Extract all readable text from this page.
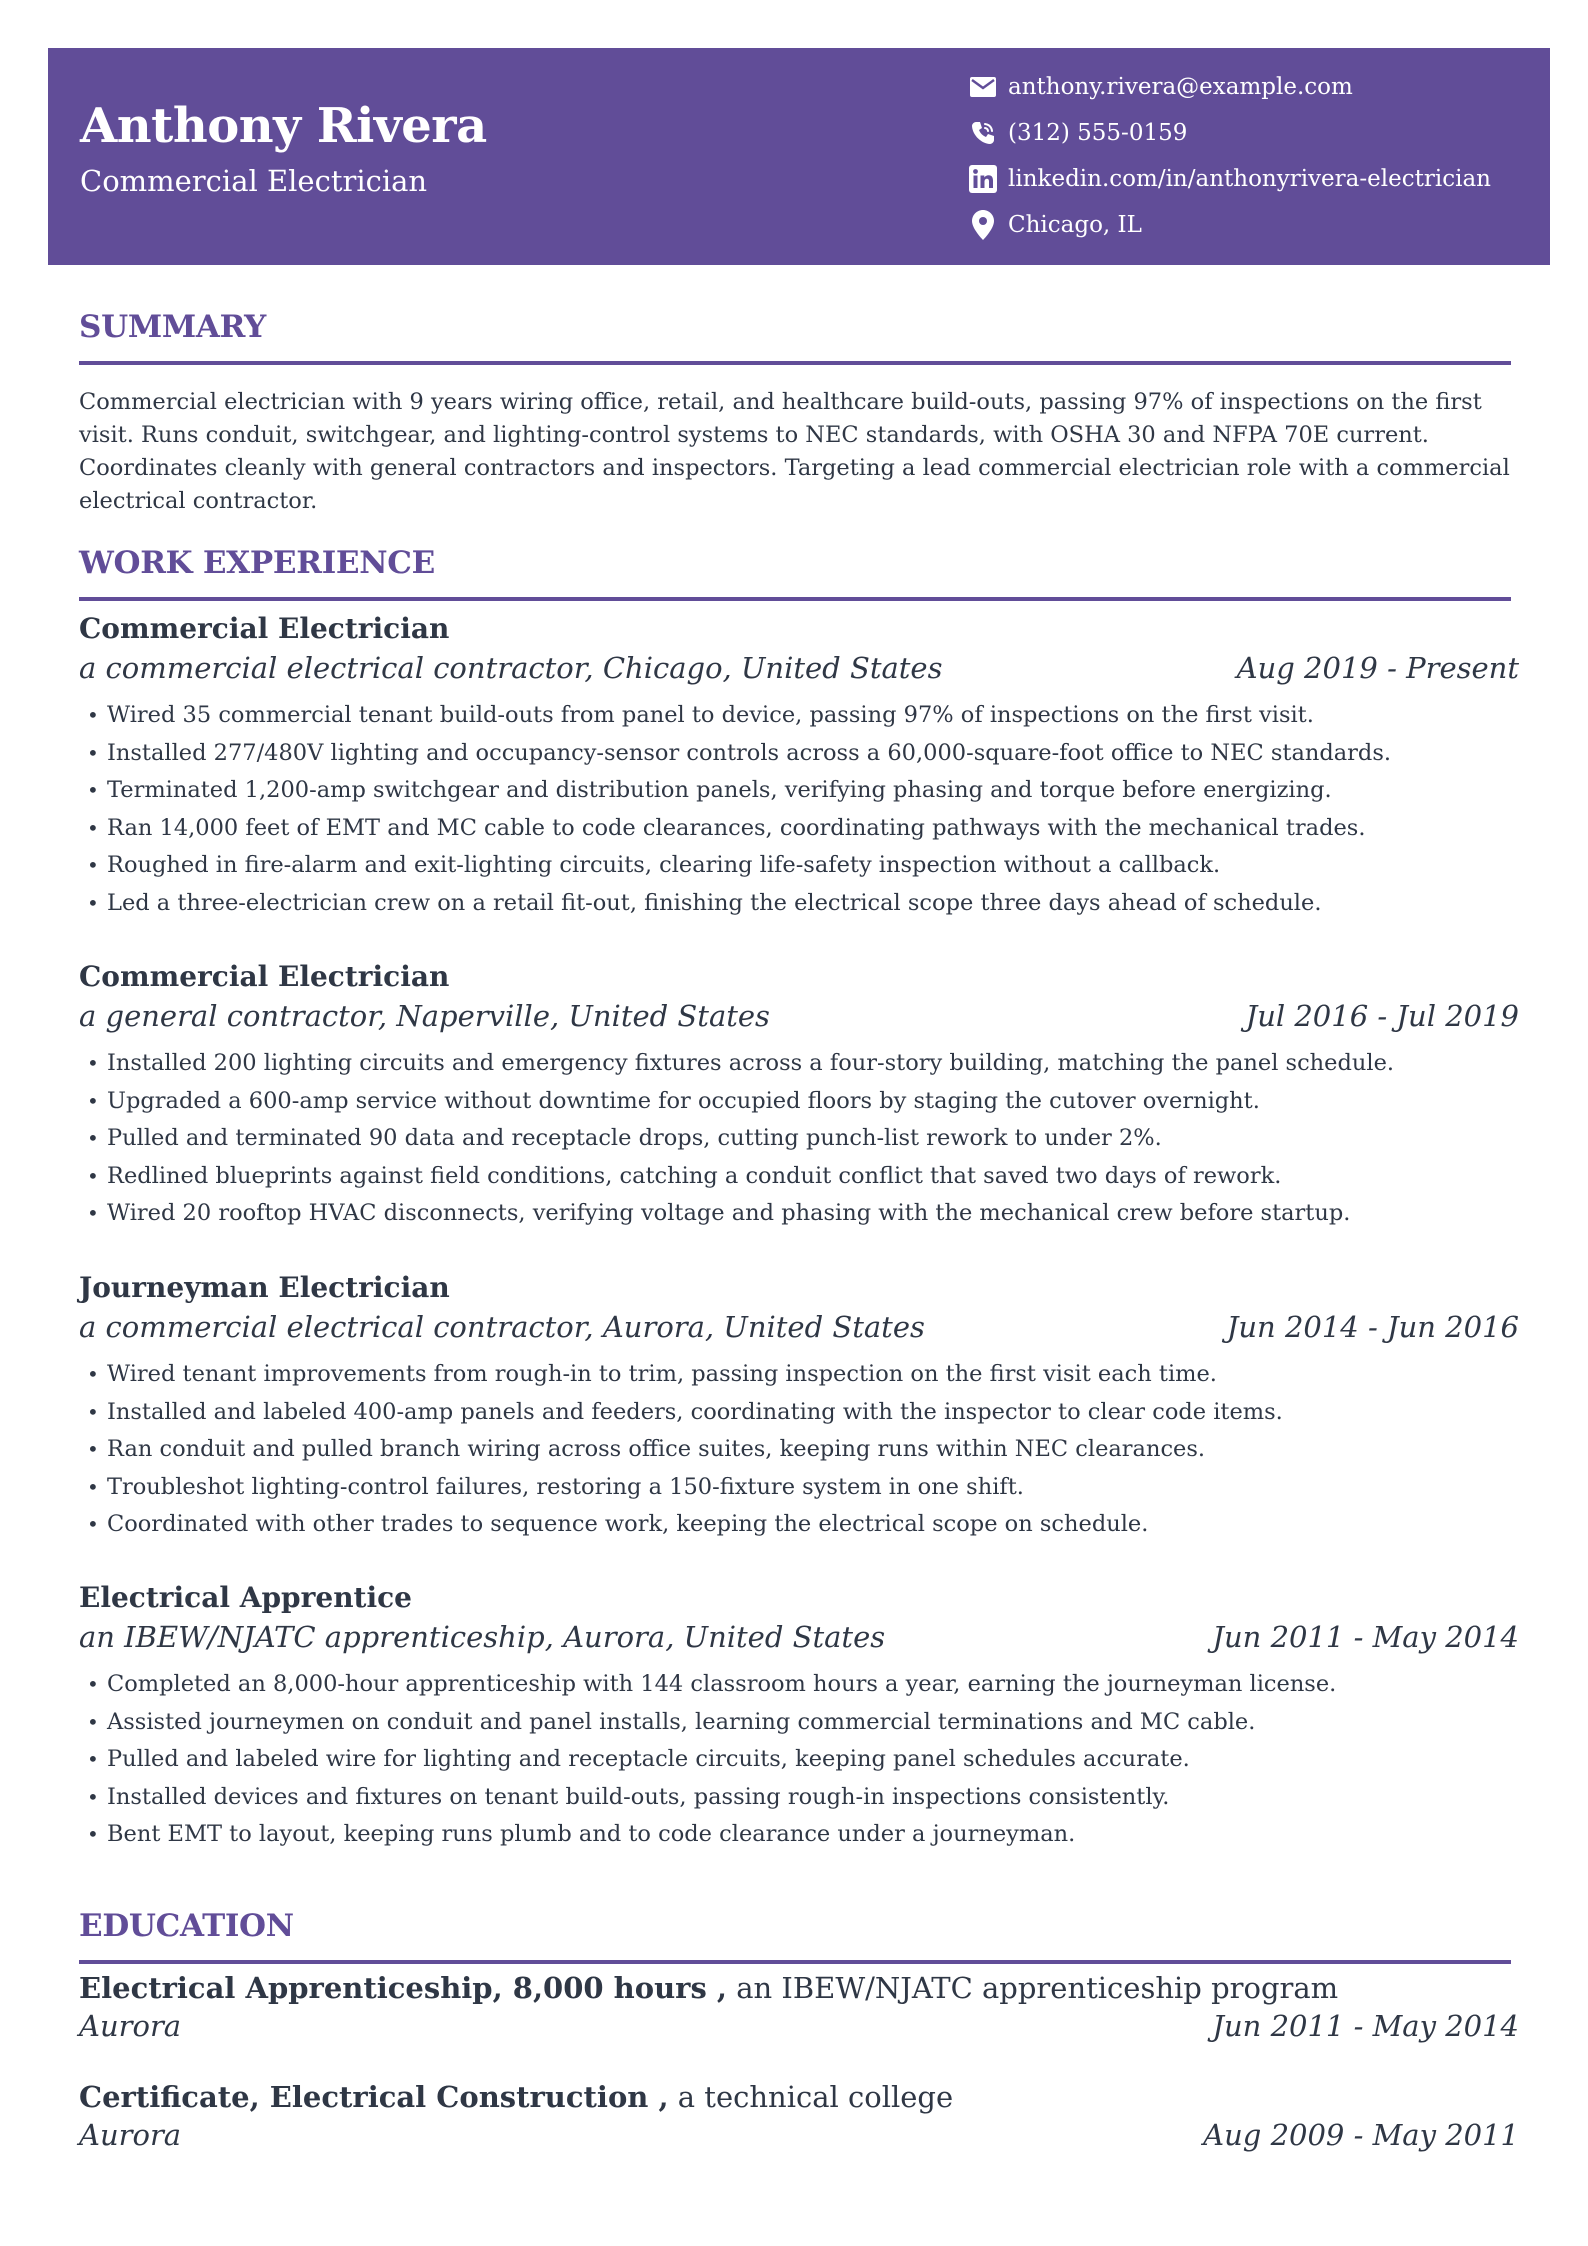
Anthony Rivera
Commercial Electrician
anthony.rivera@example.com
(312) 555-0159
linkedin.com/in/anthonyrivera-electrician
Chicago, IL
SUMMARY
Commercial electrician with 9 years wiring office, retail, and healthcare build-outs, passing 97% of inspections on the first visit. Runs conduit, switchgear, and lighting-control systems to NEC standards, with OSHA 30 and NFPA 70E current. Coordinates cleanly with general contractors and inspectors. Targeting a lead commercial electrician role with a commercial electrical contractor.
WORK EXPERIENCE
Commercial Electrician
a commercial electrical contractor, Chicago, United States	Aug 2019 - Present
• Wired 35 commercial tenant build-outs from panel to device, passing 97% of inspections on the first visit.
• Installed 277/480V lighting and occupancy-sensor controls across a 60,000-square-foot office to NEC standards.
• Terminated 1,200-amp switchgear and distribution panels, verifying phasing and torque before energizing.
• Ran 14,000 feet of EMT and MC cable to code clearances, coordinating pathways with the mechanical trades.
• Roughed in fire-alarm and exit-lighting circuits, clearing life-safety inspection without a callback.
• Led a three-electrician crew on a retail fit-out, finishing the electrical scope three days ahead of schedule.
Commercial Electrician
a general contractor, Naperville, United States	Jul 2016 - Jul 2019
• Installed 200 lighting circuits and emergency fixtures across a four-story building, matching the panel schedule.
• Upgraded a 600-amp service without downtime for occupied floors by staging the cutover overnight.
• Pulled and terminated 90 data and receptacle drops, cutting punch-list rework to under 2%.
• Redlined blueprints against field conditions, catching a conduit conflict that saved two days of rework.
• Wired 20 rooftop HVAC disconnects, verifying voltage and phasing with the mechanical crew before startup.
Journeyman Electrician
a commercial electrical contractor, Aurora, United States	Jun 2014 - Jun 2016
• Wired tenant improvements from rough-in to trim, passing inspection on the first visit each time.
• Installed and labeled 400-amp panels and feeders, coordinating with the inspector to clear code items.
• Ran conduit and pulled branch wiring across office suites, keeping runs within NEC clearances.
• Troubleshot lighting-control failures, restoring a 150-fixture system in one shift.
• Coordinated with other trades to sequence work, keeping the electrical scope on schedule.
Electrical Apprentice
an IBEW/NJATC apprenticeship, Aurora, United States	Jun 2011 - May 2014
• Completed an 8,000-hour apprenticeship with 144 classroom hours a year, earning the journeyman license.
• Assisted journeymen on conduit and panel installs, learning commercial terminations and MC cable.
• Pulled and labeled wire for lighting and receptacle circuits, keeping panel schedules accurate.
• Installed devices and fixtures on tenant build-outs, passing rough-in inspections consistently.
• Bent EMT to layout, keeping runs plumb and to code clearance under a journeyman.
EDUCATION
Electrical Apprenticeship, 8,000 hours , an IBEW/NJATC apprenticeship program
Aurora	Jun 2011 - May 2014
Certificate, Electrical Construction , a technical college
Aurora	Aug 2009 - May 2011
